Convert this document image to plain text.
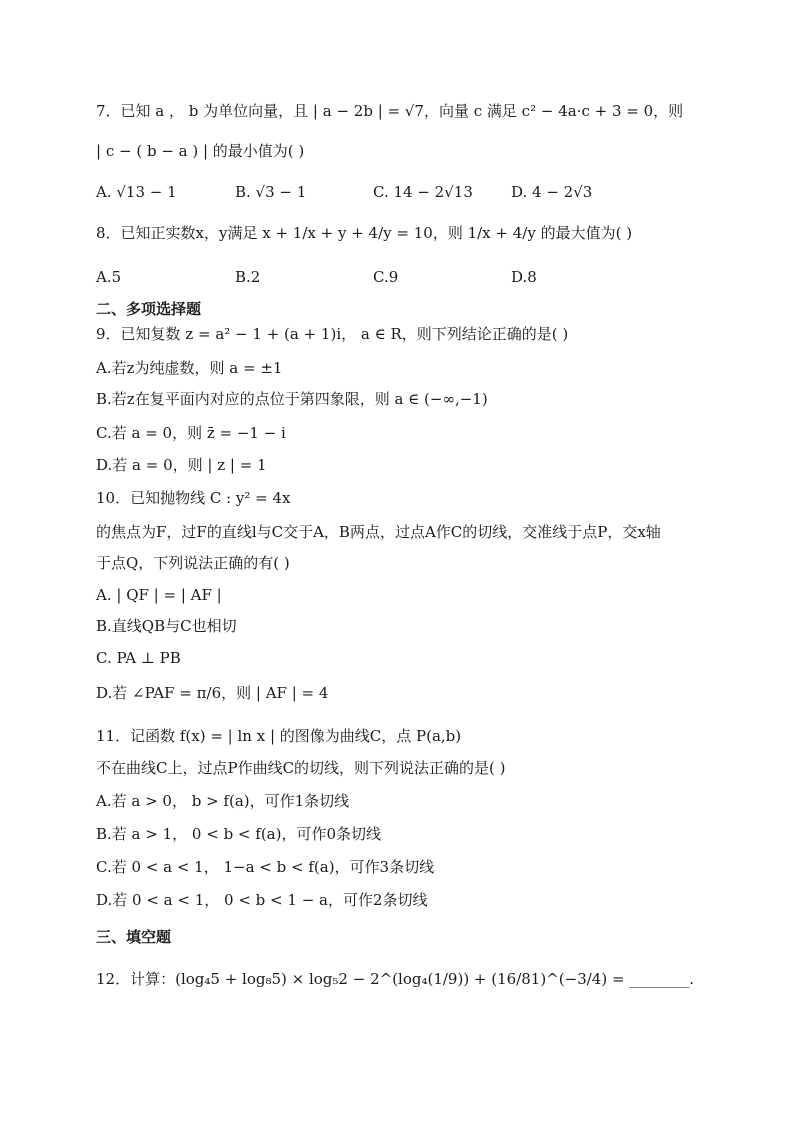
7．已知 a ， b 为单位向量，且 | a − 2b | = √7，向量 c 满足 c² − 4a·c + 3 = 0，则
| c − ( b − a ) | 的最小值为( )
A. √13 − 1	B. √3 − 1	C. 14 − 2√13	D. 4 − 2√3
8．已知正实数x，y满足 x + 1/x + y + 4/y = 10，则 1/x + 4/y 的最大值为( )
A.5	B.2	C.9	D.8
二、多项选择题
9．已知复数 z = a² − 1 + (a + 1)i， a ∈ R，则下列结论正确的是( )
A.若z为纯虚数，则 a = ±1
B.若z在复平面内对应的点位于第四象限，则 a ∈ (−∞,−1)
C.若 a = 0，则 z̄ = −1 − i
D.若 a = 0，则 | z | = 1
10．已知抛物线 C : y² = 4x
的焦点为F，过F的直线l与C交于A，B两点，过点A作C的切线，交准线于点P，交x轴
于点Q，下列说法正确的有( )
A. | QF | = | AF |
B.直线QB与C也相切
C. PA ⊥ PB
D.若 ∠PAF = π/6，则 | AF | = 4
11．记函数 f(x) = | ln x | 的图像为曲线C，点 P(a,b)
不在曲线C上，过点P作曲线C的切线，则下列说法正确的是( )
A.若 a > 0， b > f(a)，可作1条切线
B.若 a > 1， 0 < b < f(a)，可作0条切线
C.若 0 < a < 1， 1−a < b < f(a)，可作3条切线
D.若 0 < a < 1， 0 < b < 1 − a，可作2条切线
三、填空题
12．计算：(log₄5 + log₈5) × log₅2 − 2^(log₄(1/9)) + (16/81)^(−3/4) = ________.
